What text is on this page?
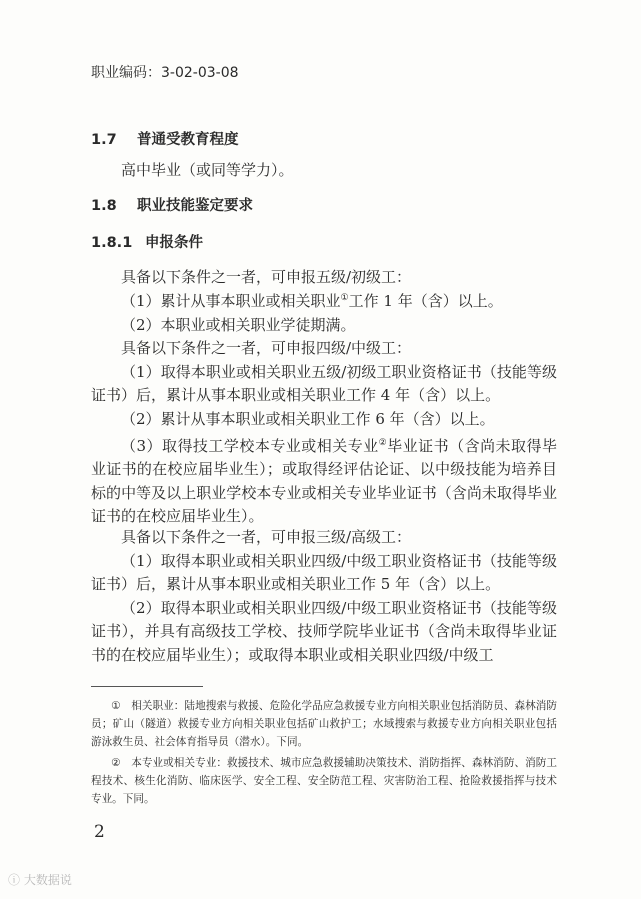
职业编码：3-02-03-08
1.7 普通受教育程度
高中毕业（或同等学力）。
1.8 职业技能鉴定要求
1.8.1 申报条件
具备以下条件之一者，可申报五级/初级工：
（1）累计从事本职业或相关职业①工作 1 年（含）以上。
（2）本职业或相关职业学徒期满。
具备以下条件之一者，可申报四级/中级工：
（1）取得本职业或相关职业五级/初级工职业资格证书（技能等级证书）后，累计从事本职业或相关职业工作 4 年（含）以上。
（2）累计从事本职业或相关职业工作 6 年（含）以上。
（3）取得技工学校本专业或相关专业②毕业证书（含尚未取得毕业证书的在校应届毕业生）；或取得经评估论证、以中级技能为培养目标的中等及以上职业学校本专业或相关专业毕业证书（含尚未取得毕业证书的在校应届毕业生）。
具备以下条件之一者，可申报三级/高级工：
（1）取得本职业或相关职业四级/中级工职业资格证书（技能等级证书）后，累计从事本职业或相关职业工作 5 年（含）以上。
（2）取得本职业或相关职业四级/中级工职业资格证书（技能等级证书），并具有高级技工学校、技师学院毕业证书（含尚未取得毕业证书的在校应届毕业生）；或取得本职业或相关职业四级/中级工
①　相关职业：陆地搜索与救援、危险化学品应急救援专业方向相关职业包括消防员、森林消防员；矿山（隧道）救援专业方向相关职业包括矿山救护工；水域搜索与救援专业方向相关职业包括游泳救生员、社会体育指导员（潜水）。下同。
②　本专业或相关专业：救援技术、城市应急救援辅助决策技术、消防指挥、森林消防、消防工程技术、核生化消防、临床医学、安全工程、安全防范工程、灾害防治工程、抢险救援指挥与技术专业。下同。
2
ⓘ 大数据说
